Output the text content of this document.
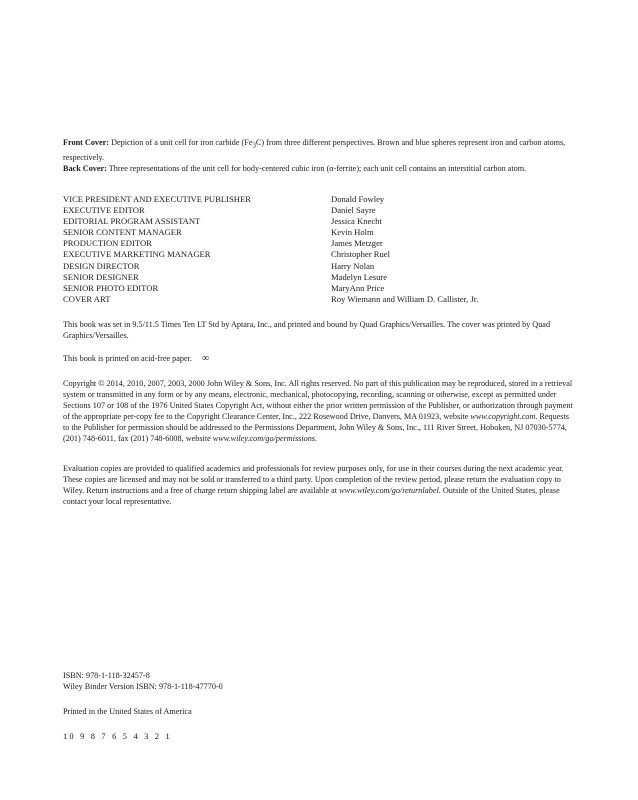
Front Cover: Depiction of a unit cell for iron carbide $(Fe_3C)$ from three different perspectives. Brown and blue spheres represent iron and carbon atoms, respectively.

Back Cover: Three representations of the unit cell for body-centered cubic iron (α-ferrite); each unit cell contains an interstitial carbon atom.

VICE PRESIDENT AND EXECUTIVE PUBLISHER	Donald Fowley
EXECUTIVE EDITOR	Daniel Sayre
EDITORIAL PROGRAM ASSISTANT	Jessica Knecht
SENIOR CONTENT MANAGER	Kevin Holm
PRODUCTION EDITOR	James Metzger
EXECUTIVE MARKETING MANAGER	Christopher Ruel
DESIGN DIRECTOR	Harry Nolan
SENIOR DESIGNER	Madelyn Lesure
SENIOR PHOTO EDITOR	MaryAnn Price
COVER ART	Roy Wiemann and William D. Callister, Jr.

This book was set in 9.5/11.5 Times Ten LT Std by Aptara, Inc., and printed and bound by Quad Graphics/Versailles. The cover was printed by Quad Graphics/Versailles.

This book is printed on acid-free paper. ∞

Copyright © 2014, 2010, 2007, 2003, 2000 John Wiley & Sons, Inc. All rights reserved. No part of this publication may be reproduced, stored in a retrieval system or transmitted in any form or by any means, electronic, mechanical, photocopying, recording, scanning or otherwise, except as permitted under Sections 107 or 108 of the 1976 United States Copyright Act, without either the prior written permission of the Publisher, or authorization through payment of the appropriate per-copy fee to the Copyright Clearance Center, Inc., 222 Rosewood Drive, Danvers, MA 01923, website www.copyright.com. Requests to the Publisher for permission should be addressed to the Permissions Department, John Wiley & Sons, Inc., 111 River Street, Hoboken, NJ 07030-5774, (201) 748-6011, fax (201) 748-6008, website www.wiley.com/go/permissions.

Evaluation copies are provided to qualified academics and professionals for review purposes only, for use in their courses during the next academic year. These copies are licensed and may not be sold or transferred to a third party. Upon completion of the review period, please return the evaluation copy to Wiley. Return instructions and a free of charge return shipping label are available at www.wiley.com/go/returnlabel. Outside of the United States, please contact your local representative.

ISBN: 978-1-118-32457-8

Wiley Binder Version ISBN: 978-1-118-47770-0

Printed in the United States of America

10 9 8 7 6 5 4 3 2 1
